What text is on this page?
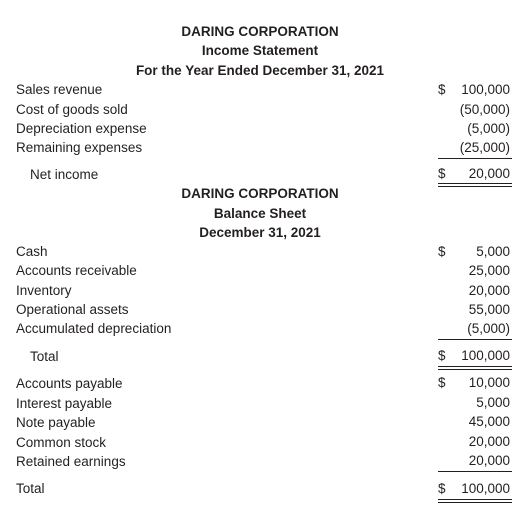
DARING CORPORATION
Income Statement
For the Year Ended December 31, 2021
Sales revenue	$	100,000
Cost of goods sold	(50,000)
Depreciation expense	(5,000)
Remaining expenses	(25,000)
Net income	$	20,000
DARING CORPORATION
Balance Sheet
December 31, 2021
Cash	$	5,000
Accounts receivable	25,000
Inventory	20,000
Operational assets	55,000
Accumulated depreciation	(5,000)
Total	$	100,000
Accounts payable	$	10,000
Interest payable	5,000
Note payable	45,000
Common stock	20,000
Retained earnings	20,000
Total	$	100,000
